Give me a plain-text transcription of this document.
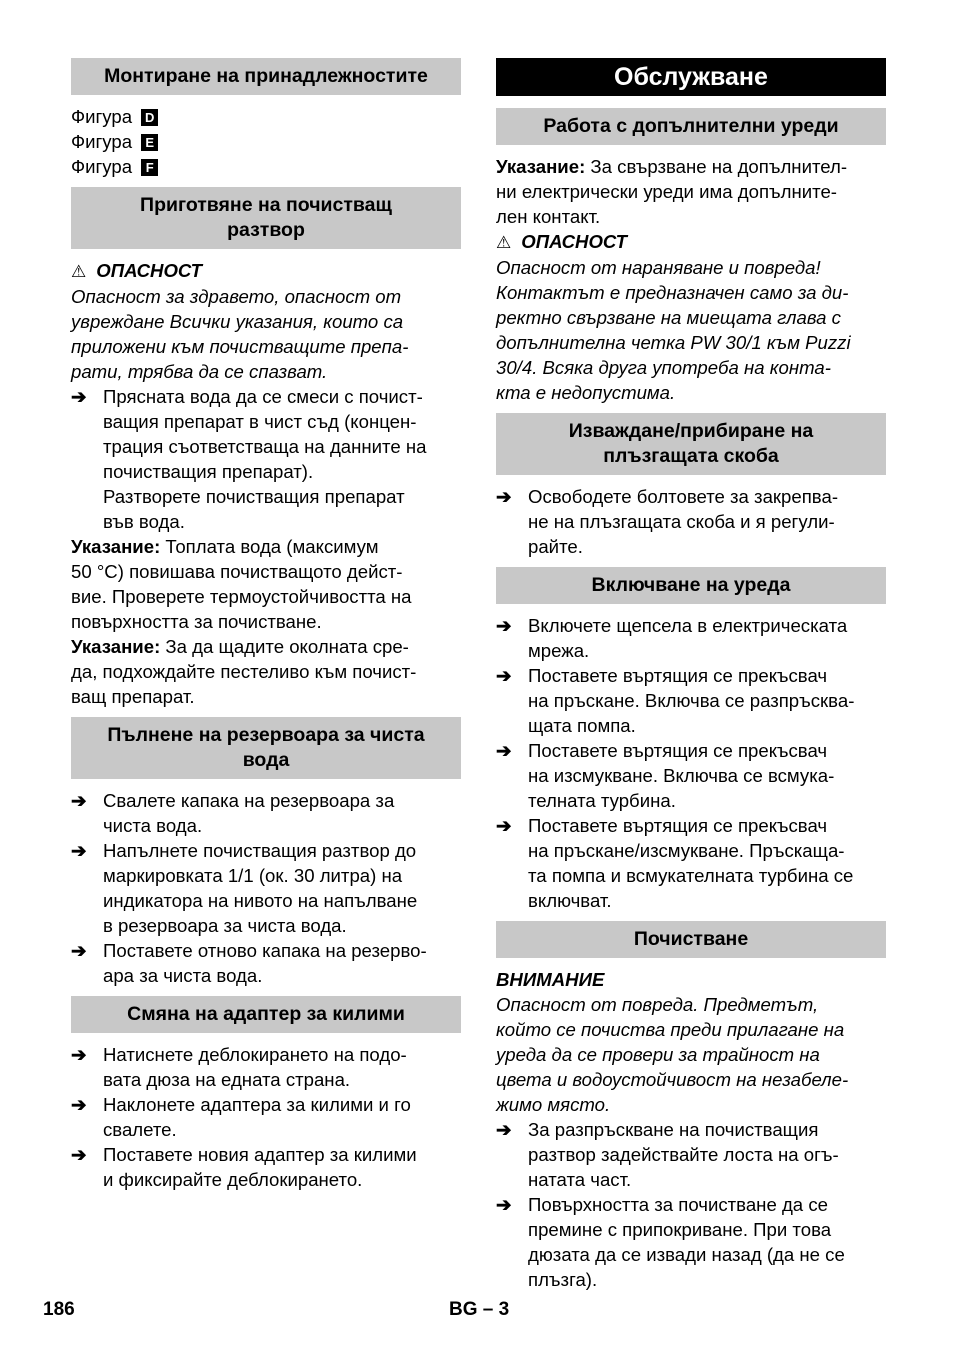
Монтиране на принадлежностите
Фигура D
Фигура E
Фигура F
Приготвяне на почистващ
разтвор
⚠ ОПАСНОСТ
Опасност за здравето, опасност от
увреждане Всички указания, които са
приложени към почистващите препа-
рати, трябва да се спазват.
➔ Прясната вода да се смеси с почист-
ващия препарат в чист съд (концен-
трация съответстваща на данните на
почистващия препарат).
Разтворете почистващия препарат
във вода.
Указание: Топлата вода (максимум
50 °C) повишава почистващото дейст-
вие. Проверете термоустойчивостта на
повърхността за почистване.
Указание: За да щадите околната сре-
да, подхождайте пестеливо към почист-
ващ препарат.
Пълнене на резервоара за чиста
вода
➔ Свалете капака на резервоара за
чиста вода.
➔ Напълнете почистващия разтвор до
маркировката 1/1 (ок. 30 литра) на
индикатора на нивото на напълване
в резервоара за чиста вода.
➔ Поставете отново капака на резерво-
ара за чиста вода.
Смяна на адаптер за килими
➔ Натиснете деблокирането на подо-
вата дюза на едната страна.
➔ Наклонете адаптера за килими и го
свалете.
➔ Поставете новия адаптер за килими
и фиксирайте деблокирането.
Обслужване
Работа с допълнителни уреди
Указание: За свързване на допълнител-
ни електрически уреди има допълните-
лен контакт.
⚠ ОПАСНОСТ
Опасност от нараняване и повреда!
Контактът е предназначен само за ди-
ректно свързване на миещата глава с
допълнителна четка PW 30/1 към Puzzi
30/4. Всяка друга употреба на конта-
кта е недопустима.
Изваждане/прибиране на
плъзгащата скоба
➔ Освободете болтовете за закрепва-
не на плъзгащата скоба и я регули-
райте.
Включване на уреда
➔ Включете щепсела в електрическата
мрежа.
➔ Поставете въртящия се прекъсвач
на пръскане. Включва се разпръсква-
щата помпа.
➔ Поставете въртящия се прекъсвач
на изсмукване. Включва се всмука-
телната турбина.
➔ Поставете въртящия се прекъсвач
на пръскане/изсмукване. Пръскаща-
та помпа и всмукателната турбина се
включват.
Почистване
ВНИМАНИЕ
Опасност от повреда. Предметът,
който се почиства преди прилагане на
уреда да се провери за трайност на
цвета и водоустойчивост на незабеле-
жимо място.
➔ За разпръскване на почистващия
разтвор задействайте лоста на огъ-
натата част.
➔ Повърхността за почистване да се
премине с припокриване. При това
дюзата да се извади назад (да не се
плъзга).
186	BG – 3
